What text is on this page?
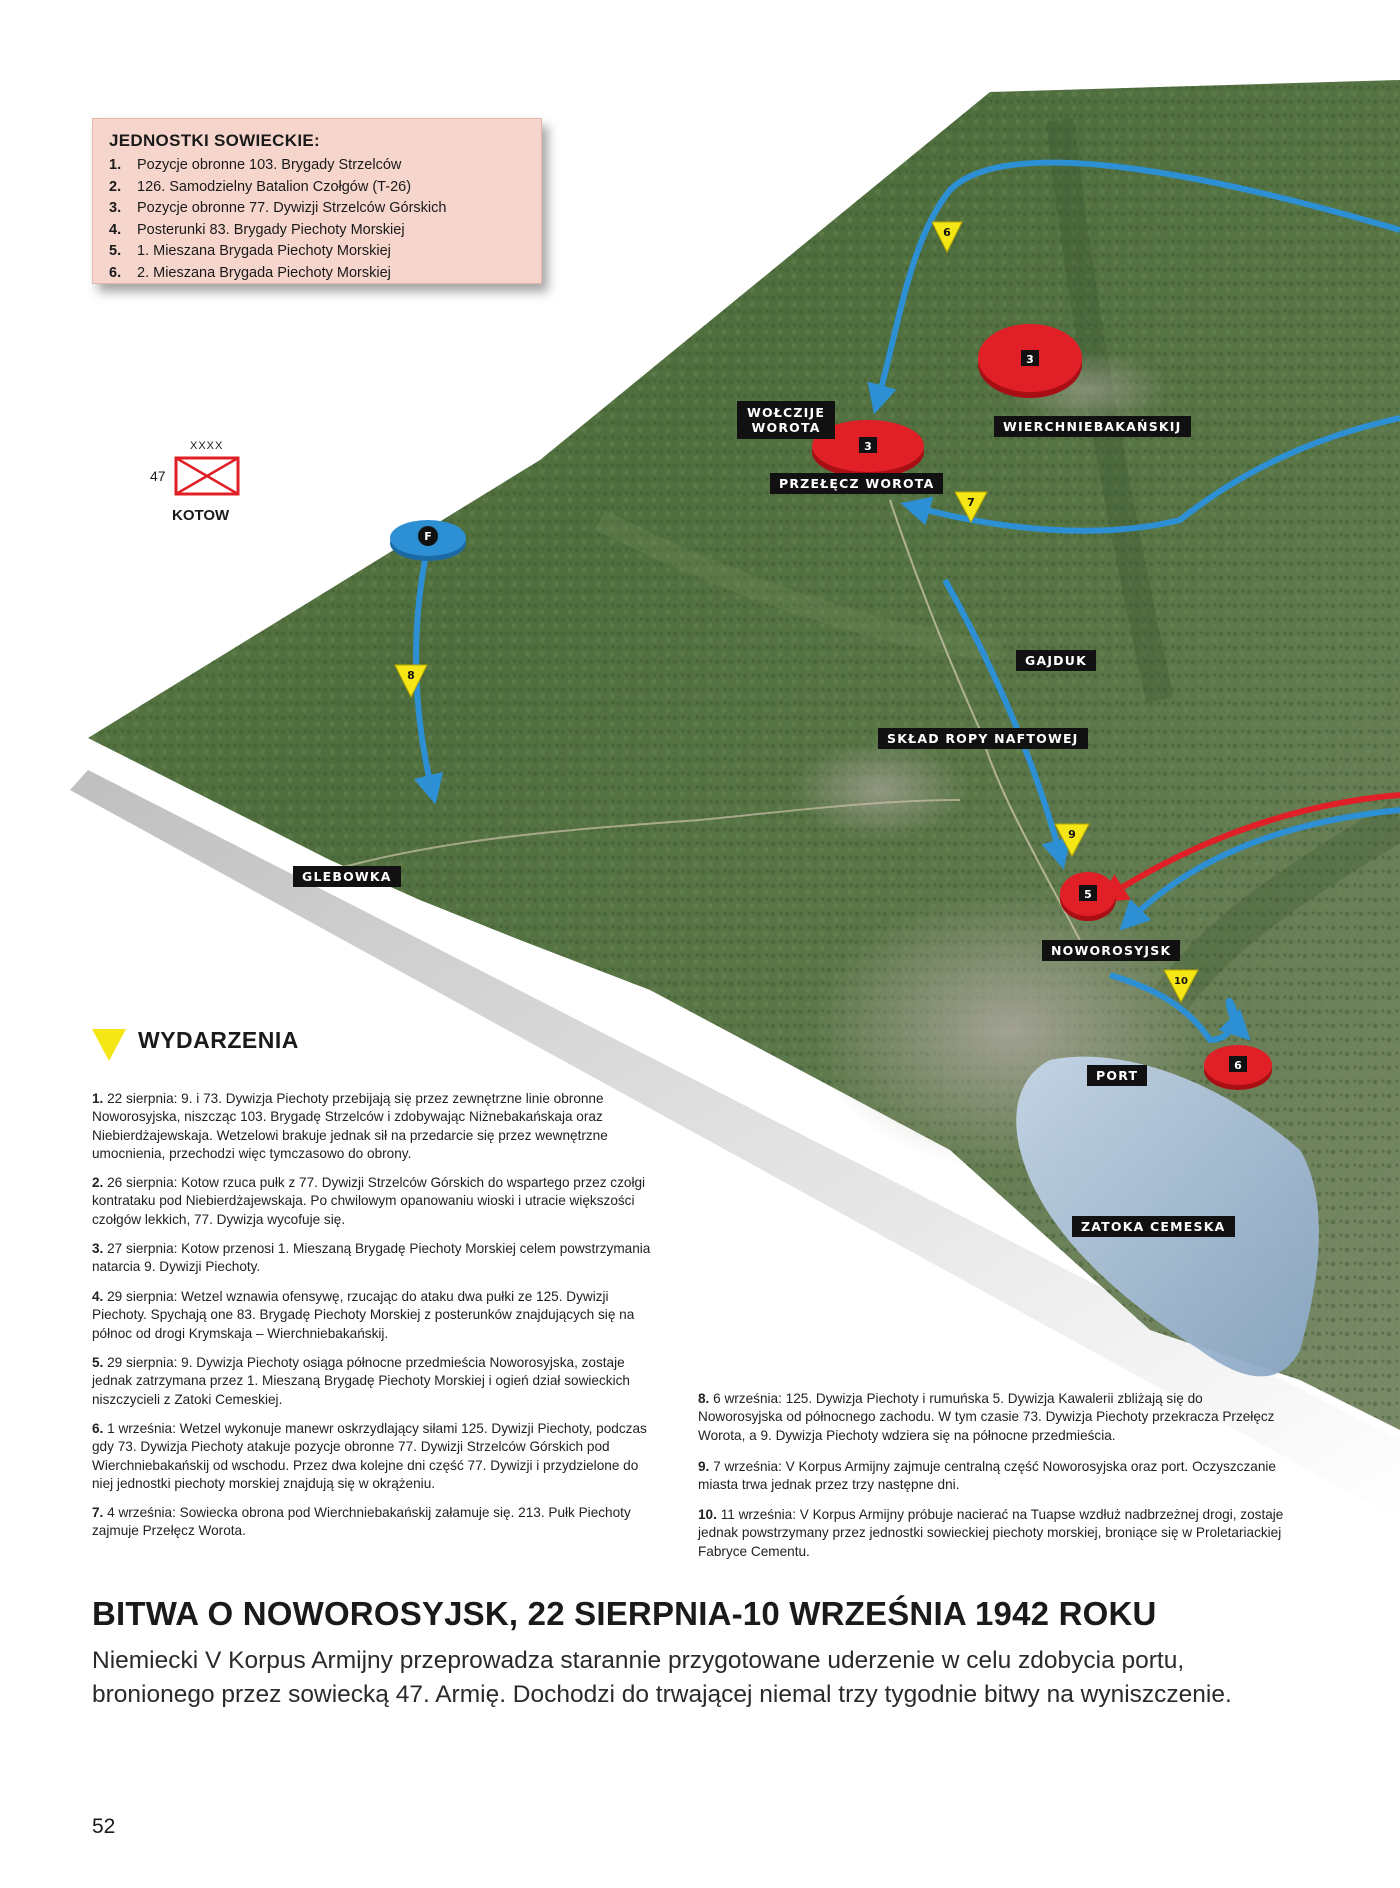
3
3
5
6
F
6
7
8
9
10
XXXX
47
KOTOW
WOŁCZIJE
WOROTA	WIERCHNIEBAKAŃSKIJ
PRZEŁĘCZ WOROTA
GAJDUK
SKŁAD ROPY NAFTOWEJ
GLEBOWKA
NOWOROSYJSK
PORT
ZATOKA CEMESKA
JEDNOSTKI SOWIECKIE:
1. Pozycje obronne 103. Brygady Strzelców
2. 126. Samodzielny Batalion Czołgów (T-26)
3. Pozycje obronne 77. Dywizji Strzelców Górskich
4. Posterunki 83. Brygady Piechoty Morskiej
5. 1. Mieszana Brygada Piechoty Morskiej
6. 2. Mieszana Brygada Piechoty Morskiej
WYDARZENIA
1. 22 sierpnia: 9. i 73. Dywizja Piechoty przebijają się przez zewnętrzne linie obronne Noworosyjska, niszcząc 103. Brygadę Strzelców i zdobywając Niżnebakańskaja oraz Niebierdżajewskaja. Wetzelowi brakuje jednak sił na przedarcie się przez wewnętrzne umocnienia, przechodzi więc tymczasowo do obrony.
2. 26 sierpnia: Kotow rzuca pułk z 77. Dywizji Strzelców Górskich do wspartego przez czołgi kontrataku pod Niebierdżajewskaja. Po chwilowym opanowaniu wioski i utracie większości czołgów lekkich, 77. Dywizja wycofuje się.
3. 27 sierpnia: Kotow przenosi 1. Mieszaną Brygadę Piechoty Morskiej celem powstrzymania natarcia 9. Dywizji Piechoty.
4. 29 sierpnia: Wetzel wznawia ofensywę, rzucając do ataku dwa pułki ze 125. Dywizji Piechoty. Spychają one 83. Brygadę Piechoty Morskiej z posterunków znajdujących się na północ od drogi Krymskaja – Wierchniebakańskij.
5. 29 sierpnia: 9. Dywizja Piechoty osiąga północne przedmieścia Noworosyjska, zostaje jednak zatrzymana przez 1. Mieszaną Brygadę Piechoty Morskiej i ogień dział sowieckich niszczycieli z Zatoki Cemeskiej.
6. 1 września: Wetzel wykonuje manewr oskrzydlający siłami 125. Dywizji Piechoty, podczas gdy 73. Dywizja Piechoty atakuje pozycje obronne 77. Dywizji Strzelców Górskich pod Wierchniebakańskij od wschodu. Przez dwa kolejne dni część 77. Dywizji i przydzielone do niej jednostki piechoty morskiej znajdują się w okrążeniu.
7. 4 września: Sowiecka obrona pod Wierchniebakańskij załamuje się. 213. Pułk Piechoty zajmuje Przełęcz Worota.
8. 6 września: 125. Dywizja Piechoty i rumuńska 5. Dywizja Kawalerii zbliżają się do Noworosyjska od północnego zachodu. W tym czasie 73. Dywizja Piechoty przekracza Przełęcz Worota, a 9. Dywizja Piechoty wdziera się na północne przedmieścia.
9. 7 września: V Korpus Armijny zajmuje centralną część Noworosyjska oraz port. Oczyszczanie miasta trwa jednak przez trzy następne dni.
10. 11 września: V Korpus Armijny próbuje nacierać na Tuapse wzdłuż nadbrzeżnej drogi, zostaje jednak powstrzymany przez jednostki sowieckiej piechoty morskiej, broniące się w Proletariackiej Fabryce Cementu.
BITWA O NOWOROSYJSK, 22 SIERPNIA-10 WRZEŚNIA 1942 ROKU
Niemiecki V Korpus Armijny przeprowadza starannie przygotowane uderzenie w celu zdobycia portu, bronionego przez sowiecką 47. Armię. Dochodzi do trwającej niemal trzy tygodnie bitwy na wyniszczenie.
52
